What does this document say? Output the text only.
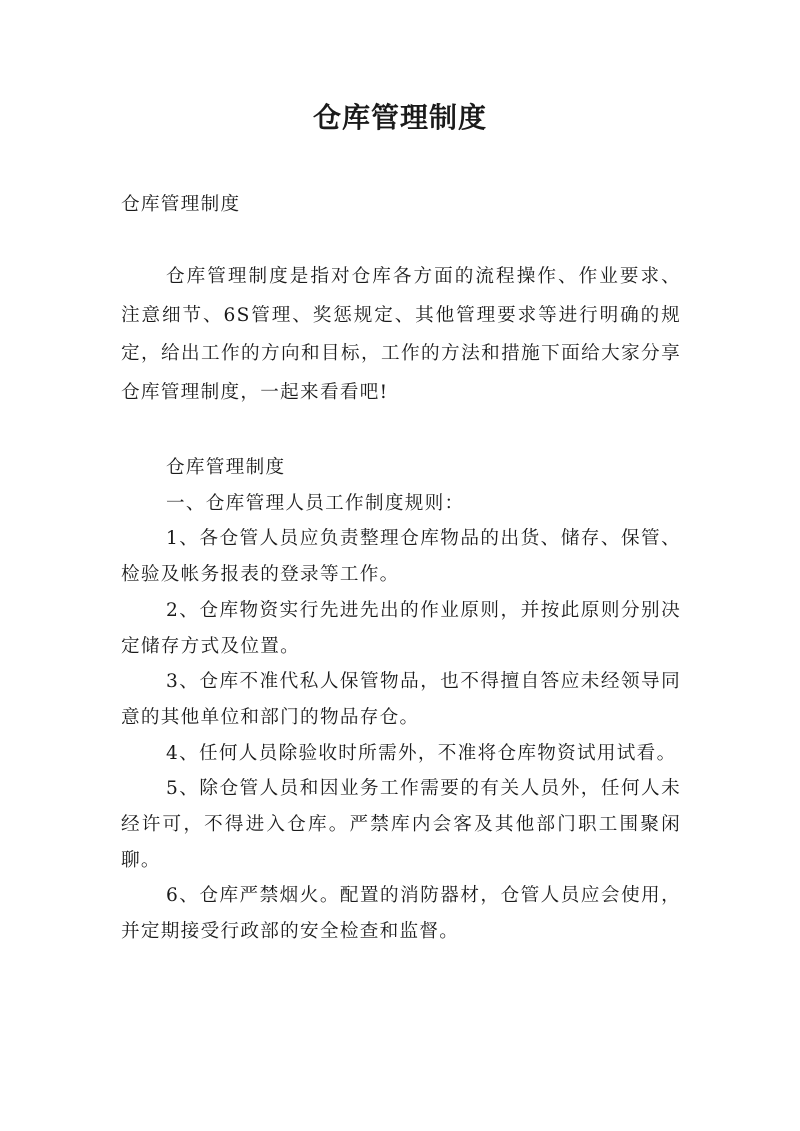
仓库管理制度
仓库管理制度
仓库管理制度是指对仓库各方面的流程操作、作业要求、注意细节、6S管理、奖惩规定、其他管理要求等进行明确的规定，给出工作的方向和目标，工作的方法和措施下面给大家分享仓库管理制度，一起来看看吧!

仓库管理制度

一、仓库管理人员工作制度规则：

1、各仓管人员应负责整理仓库物品的出货、储存、保管、检验及帐务报表的登录等工作。

2、仓库物资实行先进先出的作业原则，并按此原则分别决定储存方式及位置。

3、仓库不准代私人保管物品，也不得擅自答应未经领导同意的其他单位和部门的物品存仓。

4、任何人员除验收时所需外，不准将仓库物资试用试看。

5、除仓管人员和因业务工作需要的有关人员外，任何人未经许可，不得进入仓库。严禁库内会客及其他部门职工围聚闲聊。

6、仓库严禁烟火。配置的消防器材，仓管人员应会使用，并定期接受行政部的安全检查和监督。
